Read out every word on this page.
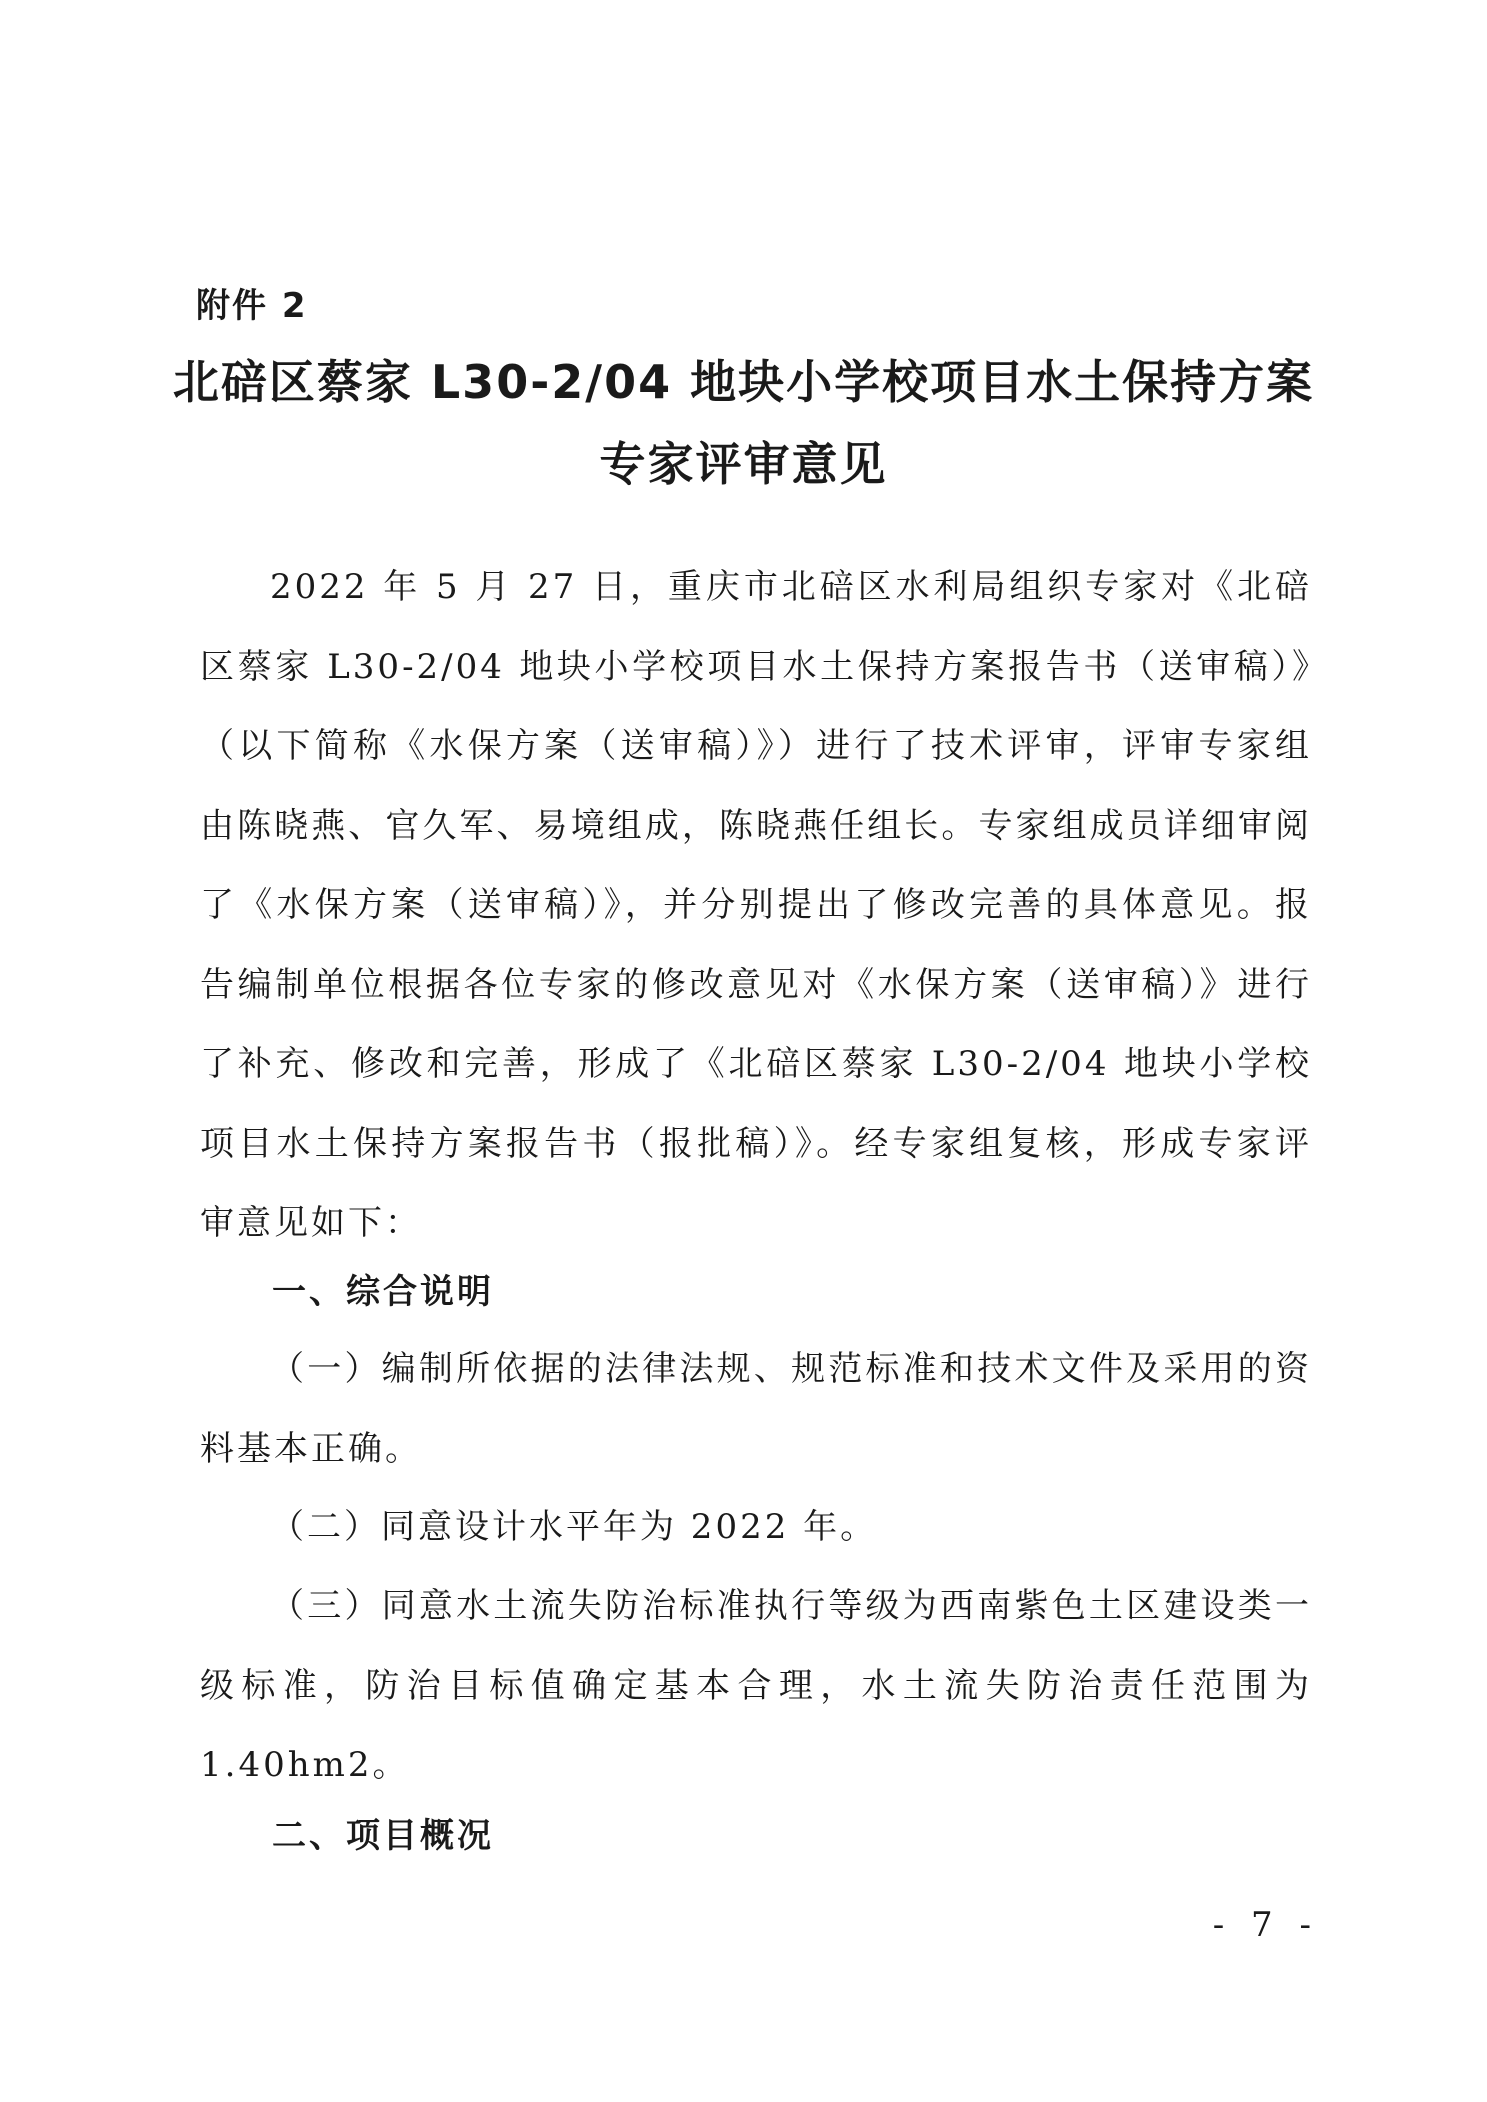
附件 2
北碚区蔡家 L30-2/04 地块小学校项目水土保持方案
专家评审意见

2022 年 5 月 27 日，重庆市北碚区水利局组织专家对《北碚区蔡家 L30-2/04 地块小学校项目水土保持方案报告书（送审稿）》（以下简称《水保方案（送审稿）》）进行了技术评审，评审专家组由陈晓燕、官久军、易境组成，陈晓燕任组长。专家组成员详细审阅了《水保方案（送审稿）》，并分别提出了修改完善的具体意见。报告编制单位根据各位专家的修改意见对《水保方案（送审稿）》进行了补充、修改和完善，形成了《北碚区蔡家 L30-2/04 地块小学校项目水土保持方案报告书（报批稿）》。经专家组复核，形成专家评审意见如下：

一、综合说明

（一）编制所依据的法律法规、规范标准和技术文件及采用的资料基本正确。

（二）同意设计水平年为 2022 年。

（三）同意水土流失防治标准执行等级为西南紫色土区建设类一级标准，防治目标值确定基本合理，水土流失防治责任范围为 1.40hm2。

二、项目概况
- 7 -
